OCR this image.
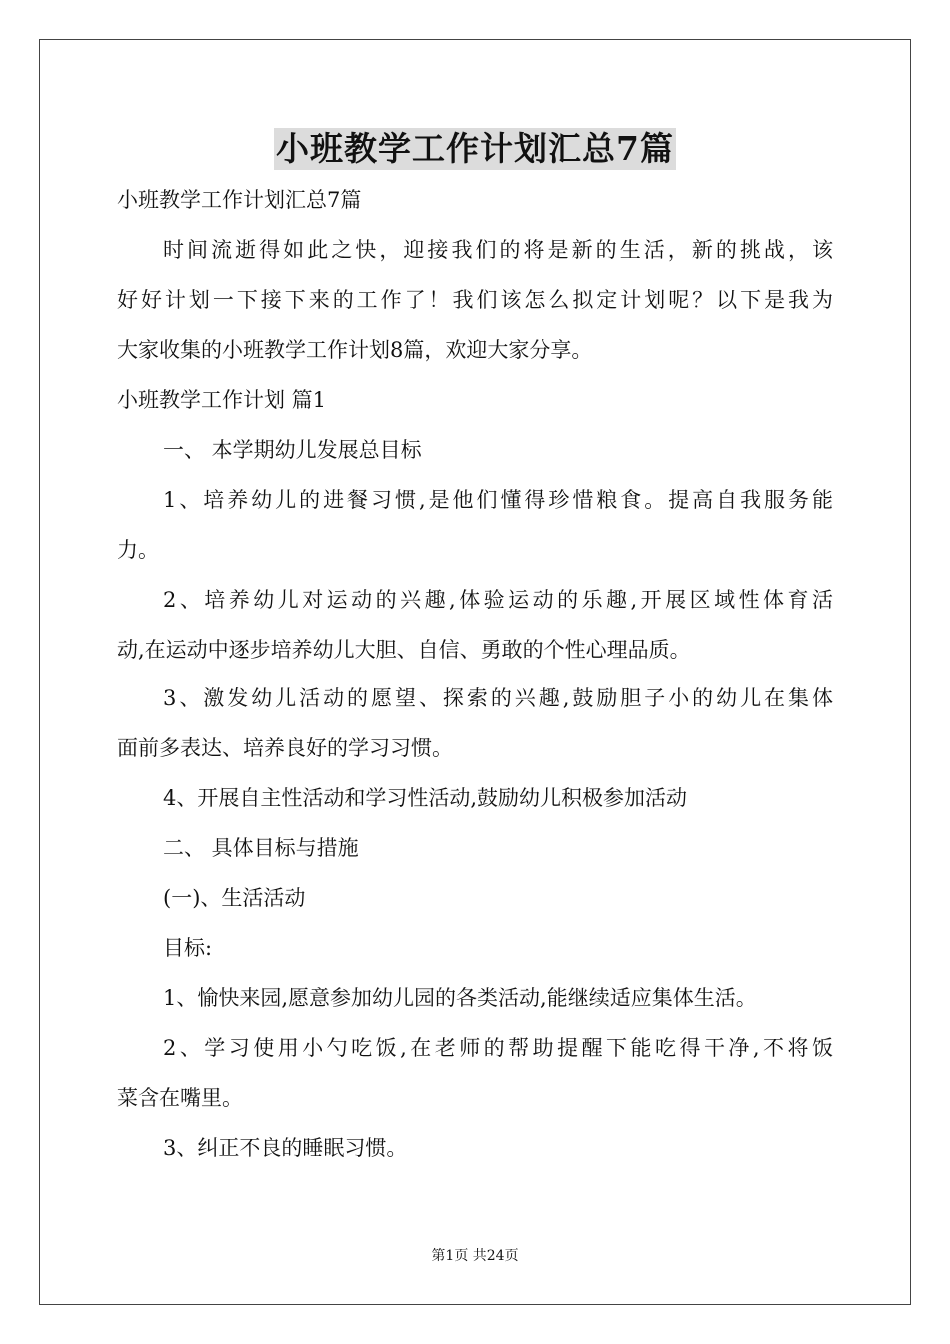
小班教学工作计划汇总7篇
小班教学工作计划汇总7篇
时间流逝得如此之快，迎接我们的将是新的生活，新的挑战，该
好好计划一下接下来的工作了！我们该怎么拟定计划呢？以下是我为
大家收集的小班教学工作计划8篇，欢迎大家分享。
小班教学工作计划 篇1
一、 本学期幼儿发展总目标
1、培养幼儿的进餐习惯,是他们懂得珍惜粮食。提高自我服务能
力。
2、培养幼儿对运动的兴趣,体验运动的乐趣,开展区域性体育活
动,在运动中逐步培养幼儿大胆、自信、勇敢的个性心理品质。
3、激发幼儿活动的愿望、探索的兴趣,鼓励胆子小的幼儿在集体
面前多表达、培养良好的学习习惯。
4、开展自主性活动和学习性活动,鼓励幼儿积极参加活动
二、 具体目标与措施
(一)、生活活动
目标:
1、愉快来园,愿意参加幼儿园的各类活动,能继续适应集体生活。
2、学习使用小勺吃饭,在老师的帮助提醒下能吃得干净,不将饭
菜含在嘴里。
3、纠正不良的睡眠习惯。
第1页 共24页
